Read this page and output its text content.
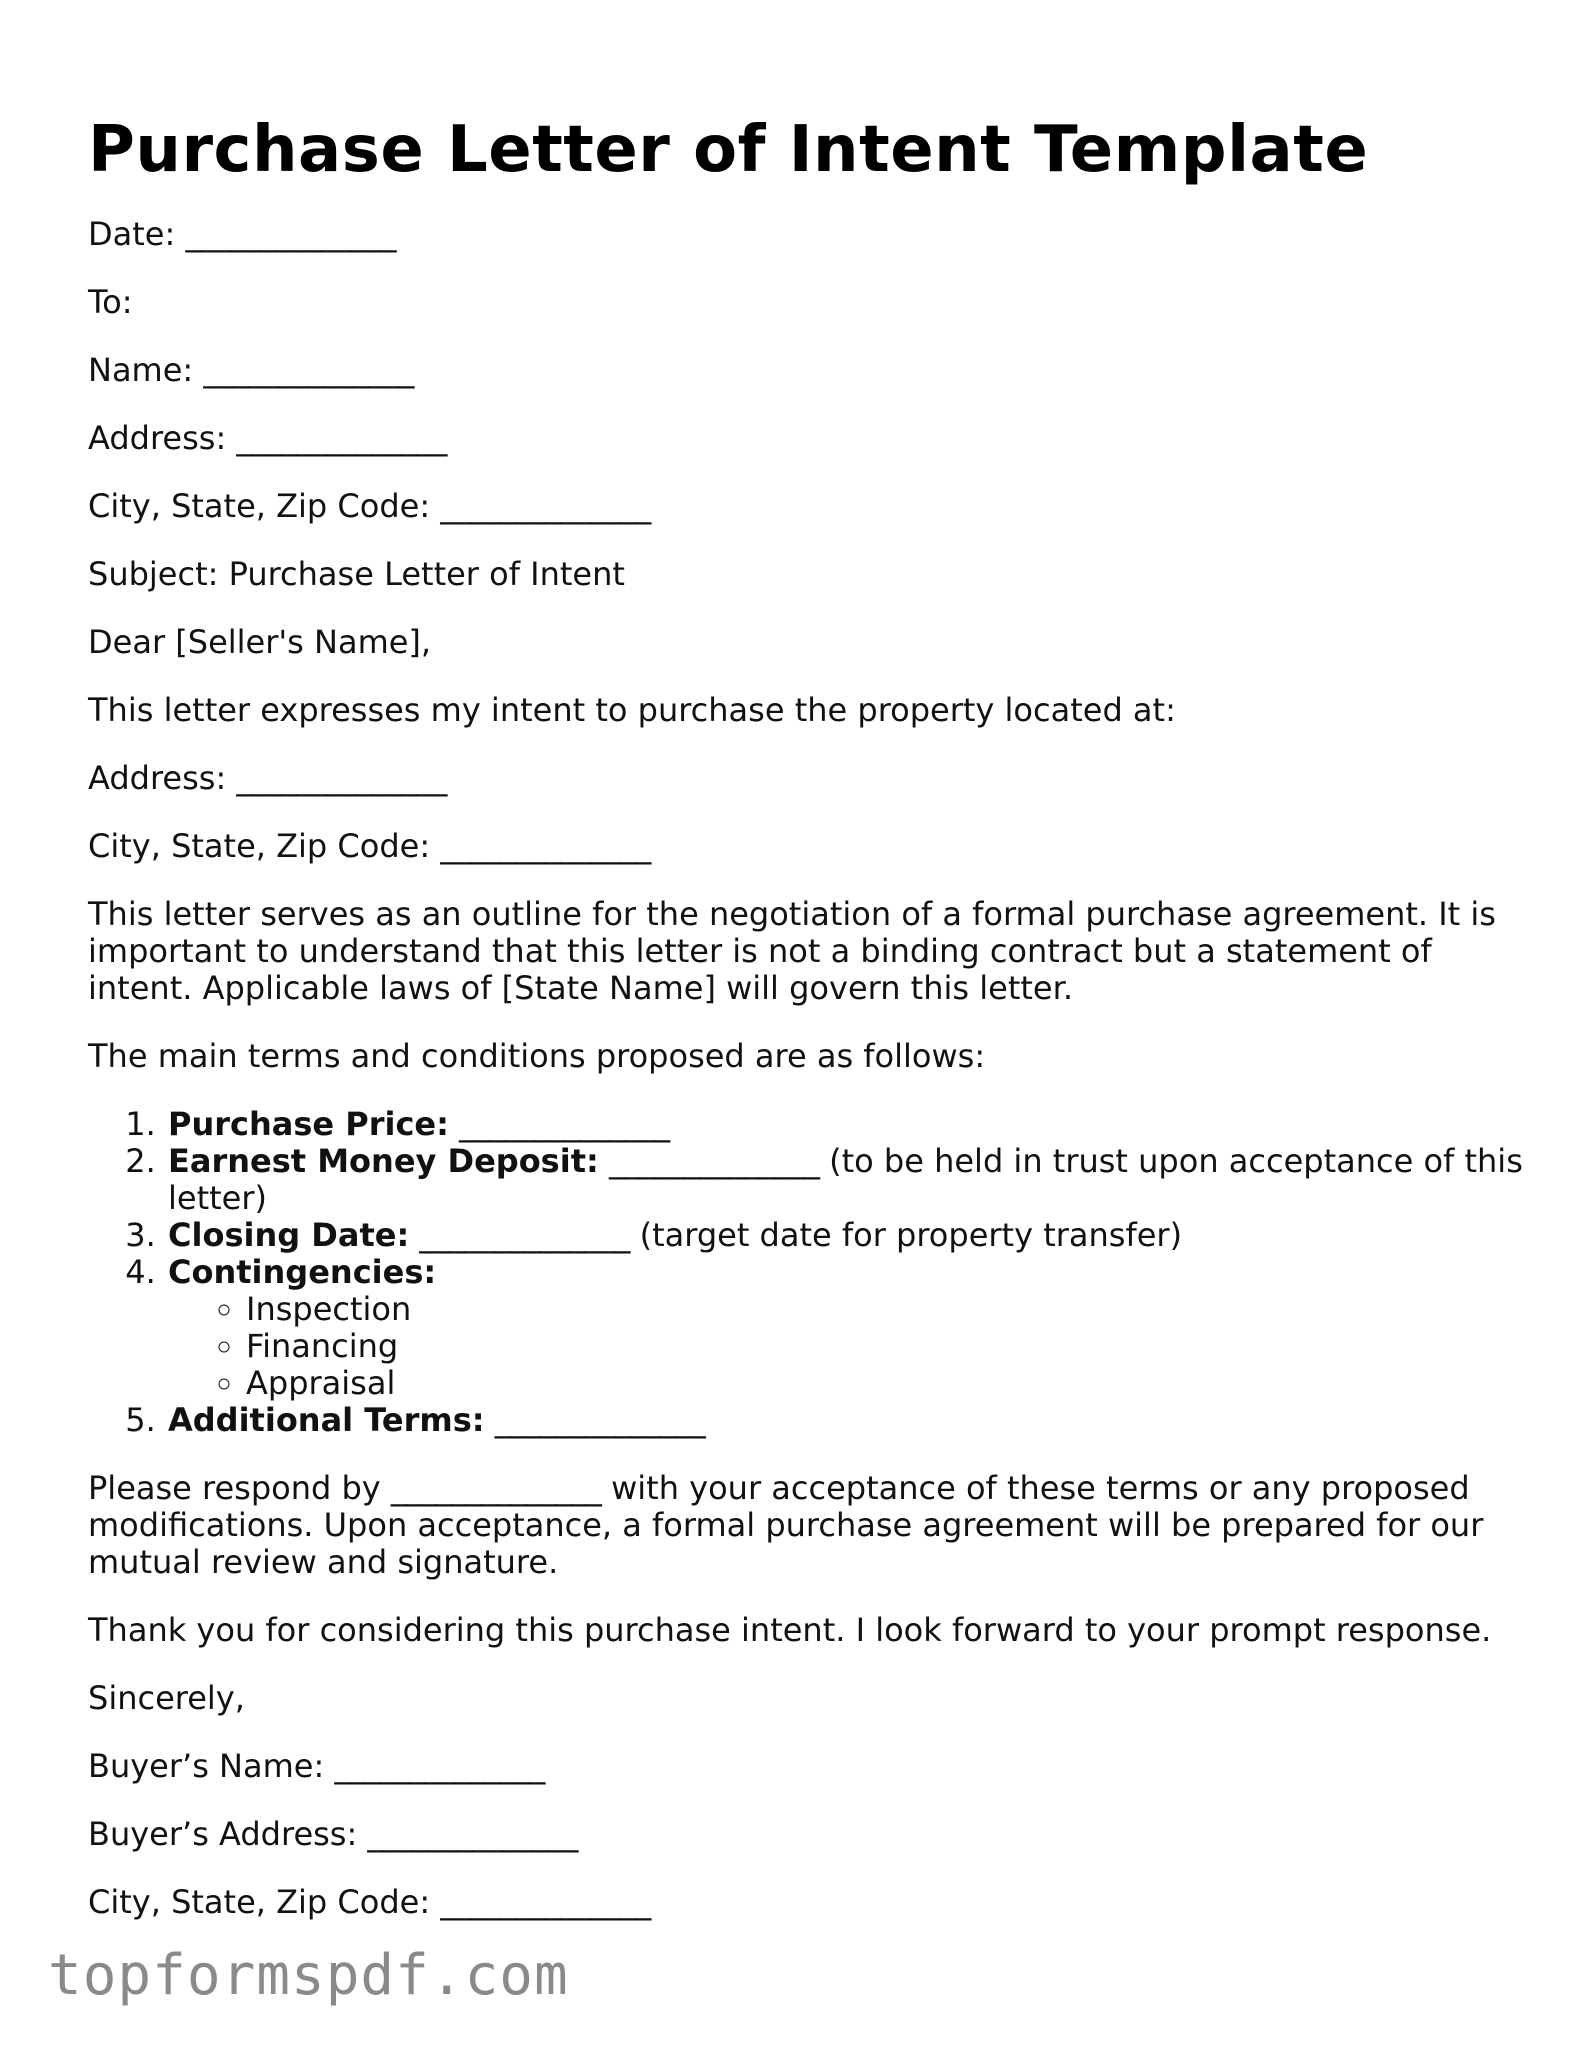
Purchase Letter of Intent Template

Date: ______________

To:

Name: ______________

Address: ______________

City, State, Zip Code: ______________

Subject: Purchase Letter of Intent

Dear [Seller's Name],

This letter expresses my intent to purchase the property located at:

Address: ______________

City, State, Zip Code: ______________

This letter serves as an outline for the negotiation of a formal purchase agreement. It is important to understand that this letter is not a binding contract but a statement of intent. Applicable laws of [State Name] will govern this letter.

The main terms and conditions proposed are as follows:

1. Purchase Price: ______________
2. Earnest Money Deposit: ______________ (to be held in trust upon acceptance of this letter)
3. Closing Date: ______________ (target date for property transfer)
4. Contingencies:
◦ Inspection
◦ Financing
◦ Appraisal
5. Additional Terms: ______________

Please respond by ______________ with your acceptance of these terms or any proposed modifications. Upon acceptance, a formal purchase agreement will be prepared for our mutual review and signature.

Thank you for considering this purchase intent. I look forward to your prompt response.

Sincerely,

Buyer’s Name: ______________

Buyer’s Address: ______________

City, State, Zip Code: ______________

topformspdf.com
